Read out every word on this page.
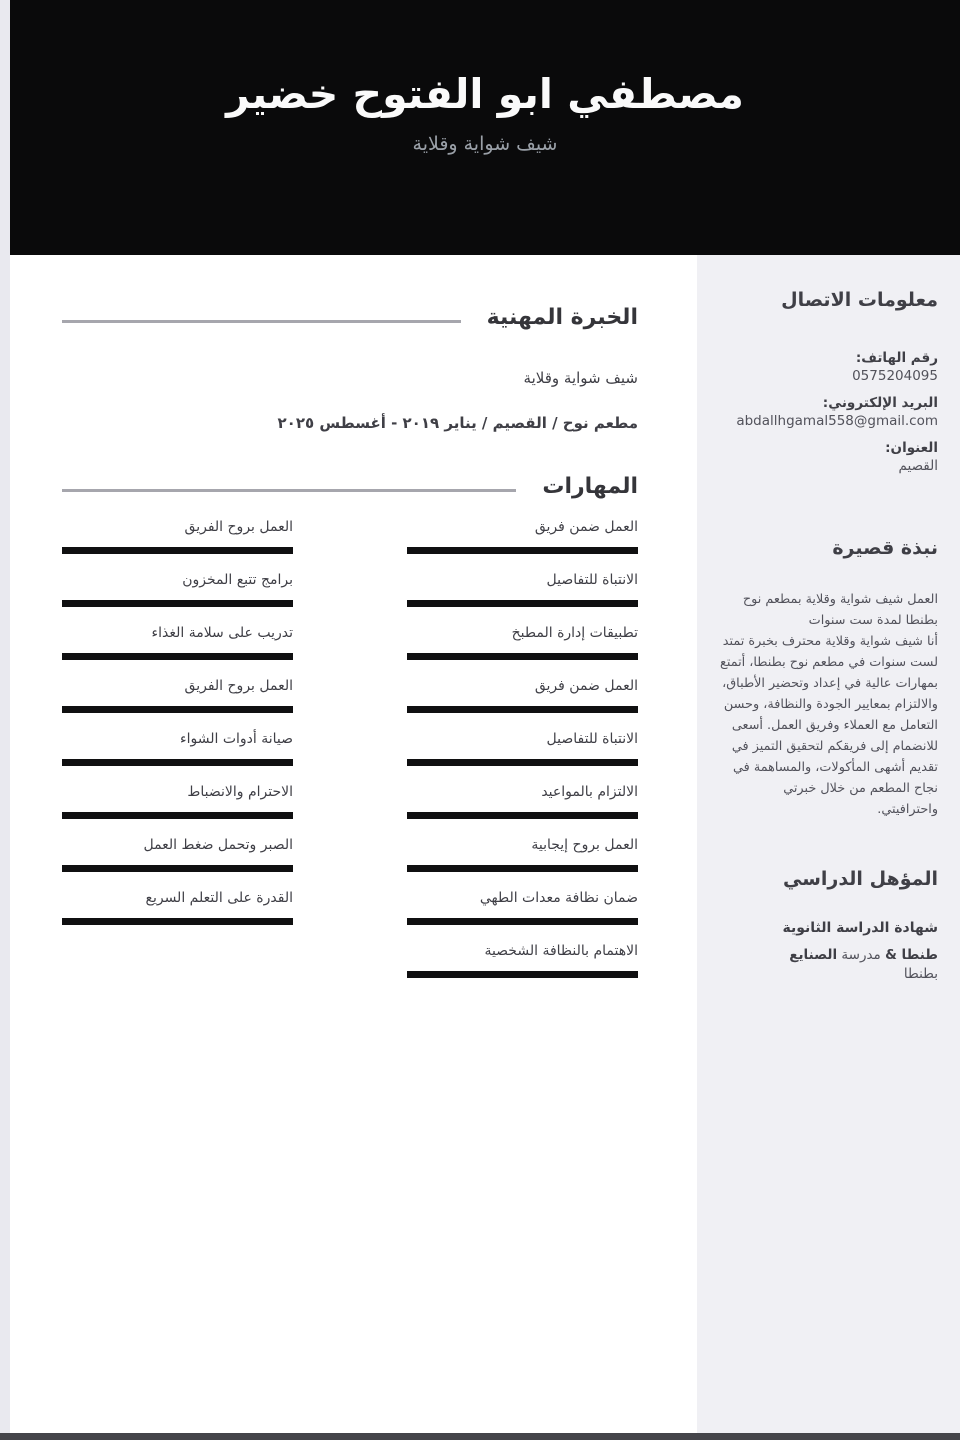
مصطفي ابو الفتوح خضير
شيف شواية وقلاية
معلومات الاتصال
رقم الهاتف:
0575204095
البريد الإلكتروني:
abdallhgamal558@gmail.com
العنوان:
القصيم
نبذة قصيرة

العمل شيف شواية وقلاية بمطعم نوح بطنطا لمدة ست سنوات

أنا شيف شواية وقلاية محترف بخبرة تمتد لست سنوات في مطعم نوح بطنطا، أتمتع بمهارات عالية في إعداد وتحضير الأطباق، والالتزام بمعايير الجودة والنظافة، وحسن التعامل مع العملاء وفريق العمل. أسعى للانضمام إلى فريقكم لتحقيق التميز في تقديم أشهى المأكولات، والمساهمة في نجاح المطعم من خلال خبرتي واحترافيتي.

المؤهل الدراسي
شهادة الدراسة الثانوية
طنطا & مدرسة الصنايع
بطنطا
الخبرة المهنية
شيف شواية وقلاية
مطعم نوح / القصيم / يناير ٢٠١٩ - أغسطس ٢٠٢٥
المهارات
العمل ضمن فريق
الانتباة للتفاصيل
تطبيقات إدارة المطبخ
العمل ضمن فريق
الانتباة للتفاصيل
الالتزام بالمواعيد
العمل بروح إيجابية
ضمان نظافة معدات الطهي
الاهتمام بالنظافة الشخصية
العمل بروح الفريق
برامج تتبع المخزون
تدريب على سلامة الغذاء
العمل بروح الفريق
صيانة أدوات الشواء
الاحترام والانضباط
الصبر وتحمل ضغط العمل
القدرة على التعلم السريع
